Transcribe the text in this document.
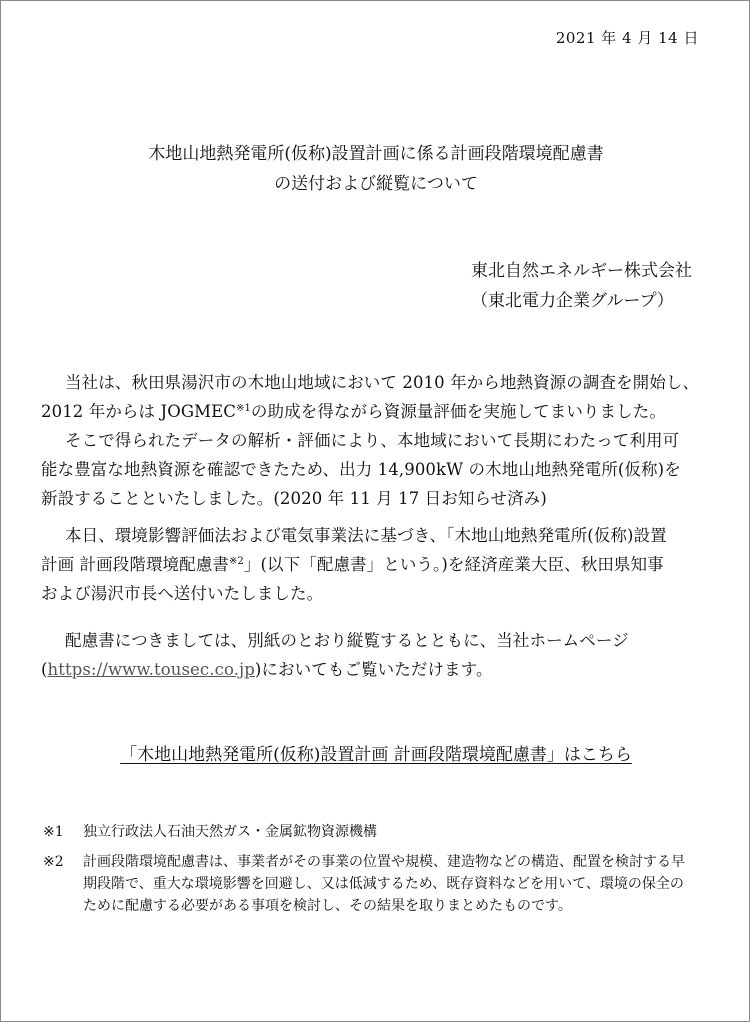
2021 年 4 月 14 日
木地山地熱発電所(仮称)設置計画に係る計画段階環境配慮書
の送付および縦覧について
東北自然エネルギー株式会社
（東北電力企業グループ）
当社は、秋田県湯沢市の木地山地域において 2010 年から地熱資源の調査を開始し、
2012 年からは JOGMEC$^{※1}$の助成を得ながら資源量評価を実施してまいりました。
そこで得られたデータの解析・評価により、本地域において長期にわたって利用可
能な豊富な地熱資源を確認できたため、出力 14,900kW の木地山地熱発電所(仮称)を
新設することといたしました。(2020 年 11 月 17 日お知らせ済み)
本日、環境影響評価法および電気事業法に基づき、「木地山地熱発電所(仮称)設置
計画 計画段階環境配慮書$^{※2}$」(以下「配慮書」という。)を経済産業大臣、秋田県知事
および湯沢市長へ送付いたしました。
配慮書につきましては、別紙のとおり縦覧するとともに、当社ホームページ
(https://www.tousec.co.jp)においてもご覧いただけます。
「木地山地熱発電所(仮称)設置計画 計画段階環境配慮書」はこちら
※1	独立行政法人石油天然ガス・金属鉱物資源機構
※2	計画段階環境配慮書は、事業者がその事業の位置や規模、建造物などの構造、配置を検討する早
期段階で、重大な環境影響を回避し、又は低減するため、既存資料などを用いて、環境の保全の
ために配慮する必要がある事項を検討し、その結果を取りまとめたものです。
